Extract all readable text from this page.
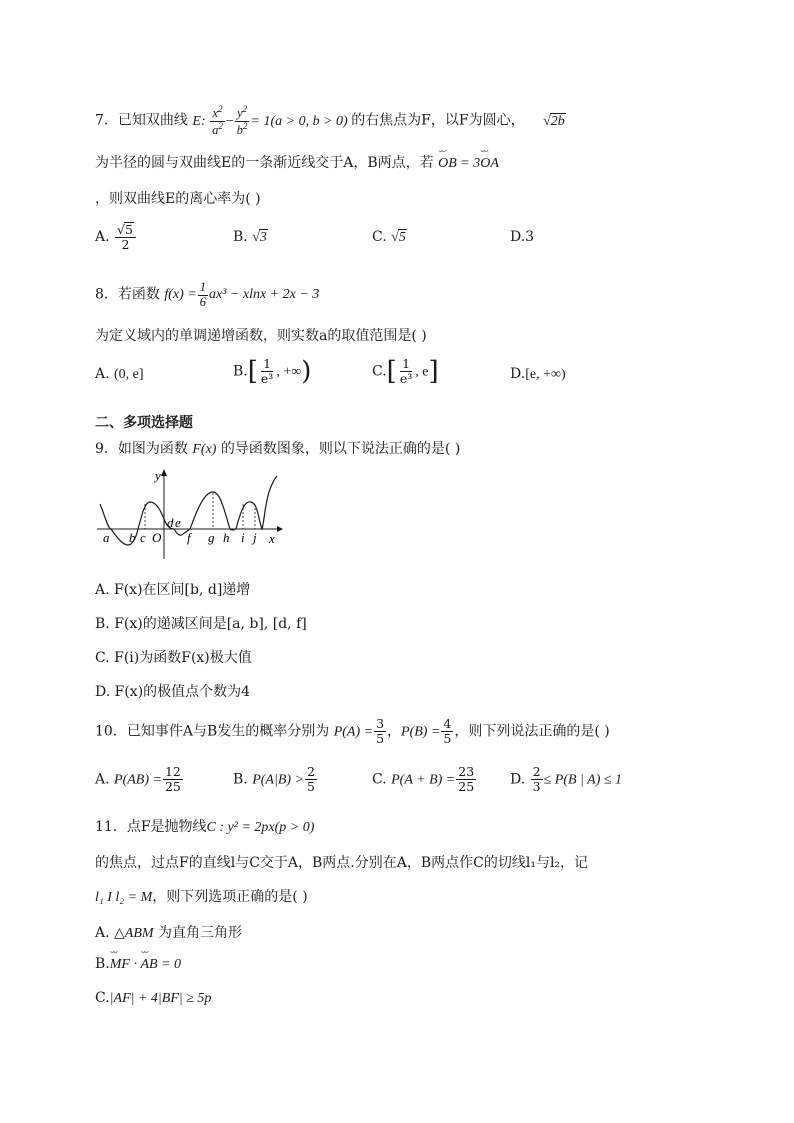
7．已知双曲线 E: $\frac{x^2}{a^2} - \frac{y^2}{b^2} = 1(a > 0$, b > 0) 的右焦点为F，以F为圆心， √2b
为半径的圆与双曲线E的一条渐近线交于A，B两点，若 ⌣⌣ OB = 3⌣⌣ OA
，则双曲线E的离心率为( )
A. $\frac{√5}{2}$	B. √3	C. √5	D.3
8．若函数 $f(x) = \frac{1}{6} ax^3 - xlnx + 2x - 3$
为定义域内的单调递增函数，则实数a的取值范围是( )
A. (0, e]	$B.[ \frac{1}{\text{e³}}$ , +∞)	$C.[ \frac{1}{\text{e³}}$ , e]	D.[e, +∞)
二、多项选择题
9．如图为函数 F(x) 的导函数图象，则以下说法正确的是( )
y
x
a b c O
d e
f g h i j
A. F(x)在区间[b, d]递增
B. F(x)的递减区间是[a, b], [d, f]
C. F(i)为函数F(x)极大值
D. F(x)的极值点个数为4
10．已知事件A与B发生的概率分别为 $P(A) = \frac{3}{5}$ ，$P(B) = \frac{4}{5}$ ，则下列说法正确的是( )
A. $P(AB) = \frac{12}{25}$	B. $P(A|B) > \frac{2}{5}$	C. $P(A + B) = \frac{23}{25} D$. $\frac{2}{3} \le P(B$ | A) ≤ 1
11．点F是抛物线C : y² = 2px(p > 0)
的焦点，过点F的直线l与C交于A，B两点.分别在A，B两点作C的切线l₁与l₂，记
l₁ I l₂ = M，则下列选项正确的是( )
A. △ABM 为直角三角形
B.⌣⌣ MF · ⌣⌣ AB = 0
C.|AF| + 4|BF| ≥ 5p
